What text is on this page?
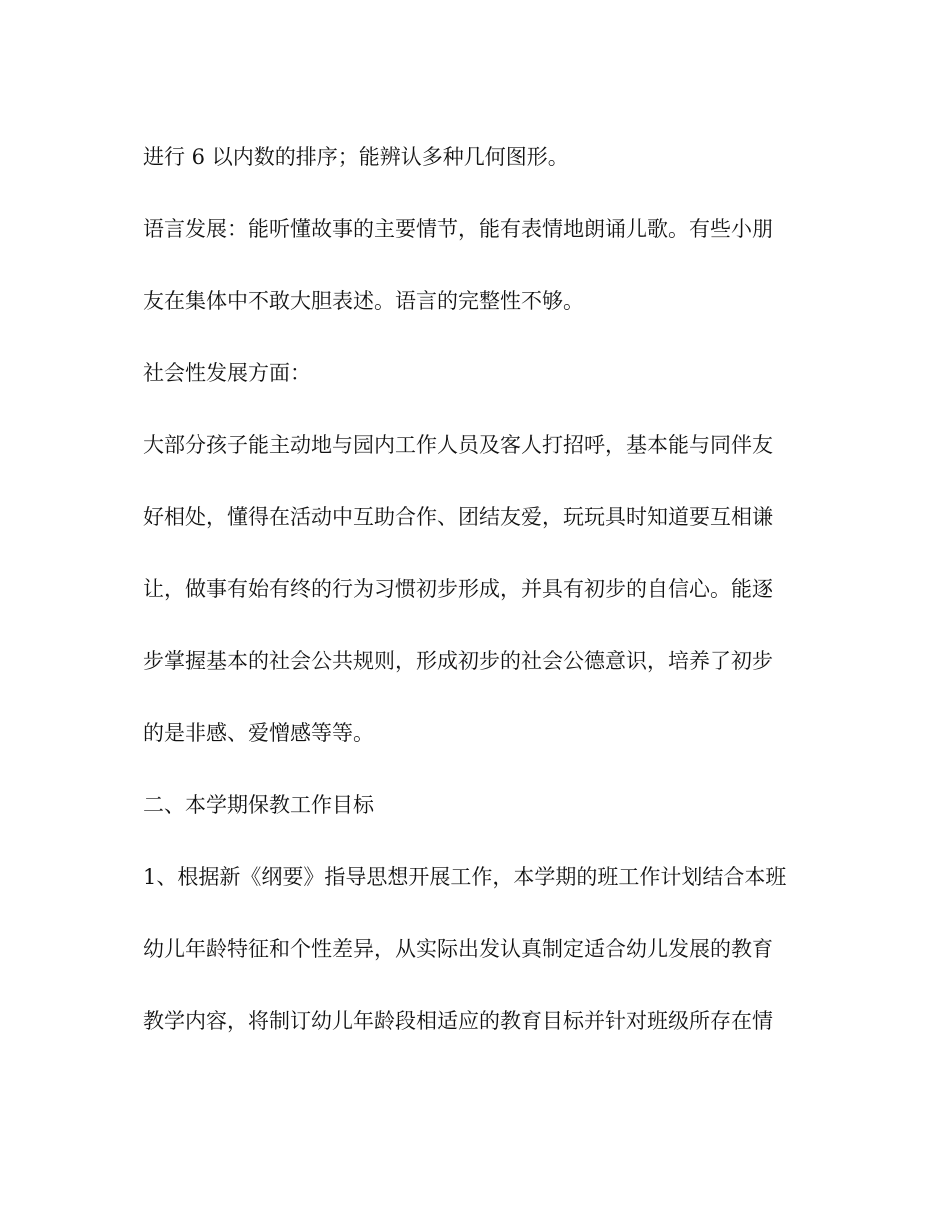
进行 6 以内数的排序；能辨认多种几何图形。

语言发展：能听懂故事的主要情节，能有表情地朗诵儿歌。有些小朋

友在集体中不敢大胆表述。语言的完整性不够。

社会性发展方面：

大部分孩子能主动地与园内工作人员及客人打招呼，基本能与同伴友

好相处，懂得在活动中互助合作、团结友爱，玩玩具时知道要互相谦

让，做事有始有终的行为习惯初步形成，并具有初步的自信心。能逐

步掌握基本的社会公共规则，形成初步的社会公德意识，培养了初步

的是非感、爱憎感等等。

二、本学期保教工作目标

1、根据新《纲要》指导思想开展工作，本学期的班工作计划结合本班

幼儿年龄特征和个性差异，从实际出发认真制定适合幼儿发展的教育

教学内容，将制订幼儿年龄段相适应的教育目标并针对班级所存在情
